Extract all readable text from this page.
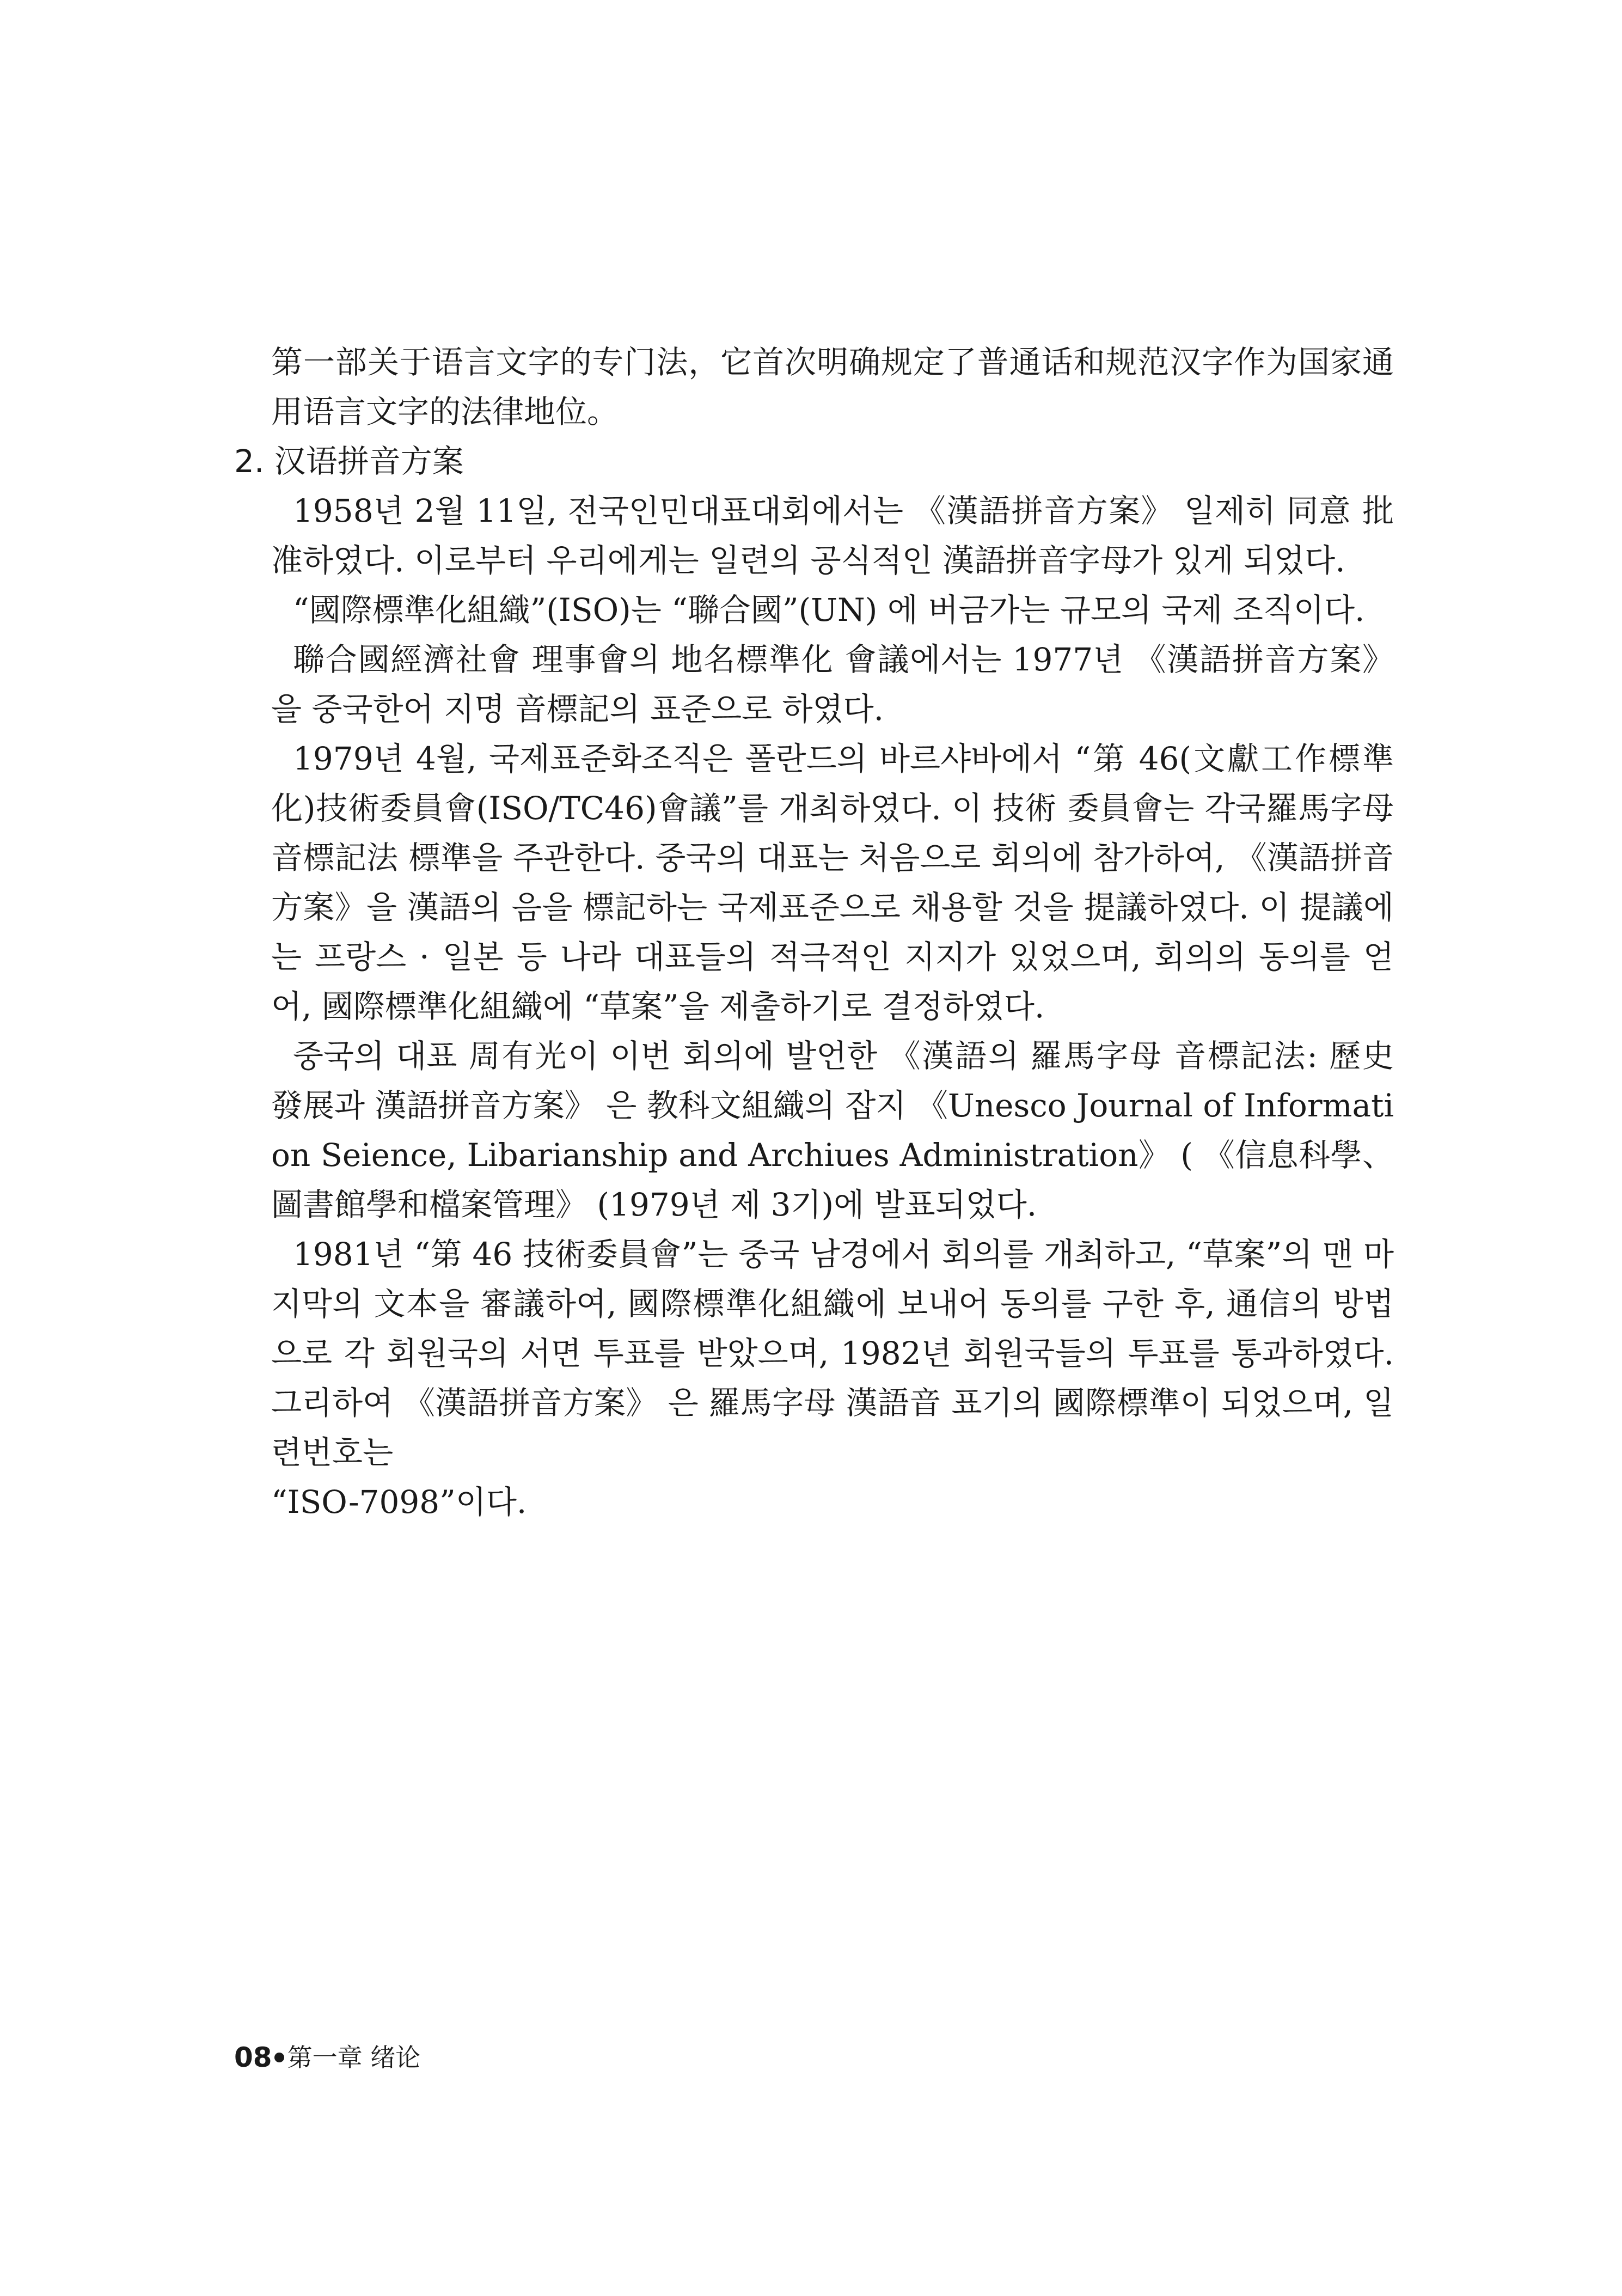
第一部关于语言文字的专门法，它首次明确规定了普通话和规范汉字作为国家通用语言文字的法律地位。

2. 汉语拼音方案

1958년 2월 11일, 전국인민대표대회에서는 《漢語拼音方案》 일제히 同意 批准하였다. 이로부터 우리에게는 일련의 공식적인 漢語拼音字母가 있게 되었다.

“國際標準化組織”(ISO)는 “聯合國”(UN) 에 버금가는 규모의 국제 조직이다.

聯合國經濟社會 理事會의 地名標準化 會議에서는 1977년 《漢語拼音方案》 을 중국한어 지명 音標記의 표준으로 하였다.

1979년 4월, 국제표준화조직은 폴란드의 바르샤바에서 “第 46(文獻工作標準化)技術委員會(ISO/TC46)會議”를 개최하였다. 이 技術 委員會는 각국羅馬字母 音標記法 標準을 주관한다. 중국의 대표는 처음으로 회의에 참가하여, 《漢語拼音方案》을 漢語의 음을 標記하는 국제표준으로 채용할 것을 提議하였다. 이 提議에는 프랑스 · 일본 등 나라 대표들의 적극적인 지지가 있었으며, 회의의 동의를 얻어, 國際標準化組織에 “草案”을 제출하기로 결정하였다.

중국의 대표 周有光이 이번 회의에 발언한 《漢語의 羅馬字母 音標記法: 歷史 發展과 漢語拼音方案》 은 教科文組織의 잡지 《Unesco Journal of Information Seience, Libarianship and Archiues Administration》 ( 《信息科學、圖書館學和檔案管理》 (1979년 제 3기)에 발표되었다.

1981년 “第 46 技術委員會”는 중국 남경에서 회의를 개최하고, “草案”의 맨 마지막의 文本을 審議하여, 國際標準化組織에 보내어 동의를 구한 후, 通信의 방법으로 각 회원국의 서면 투표를 받았으며, 1982년 회원국들의 투표를 통과하였다. 그리하여 《漢語拼音方案》 은 羅馬字母 漢語音 표기의 國際標準이 되었으며, 일련번호는

“ISO-7098”이다.

08 第一章 绪论
